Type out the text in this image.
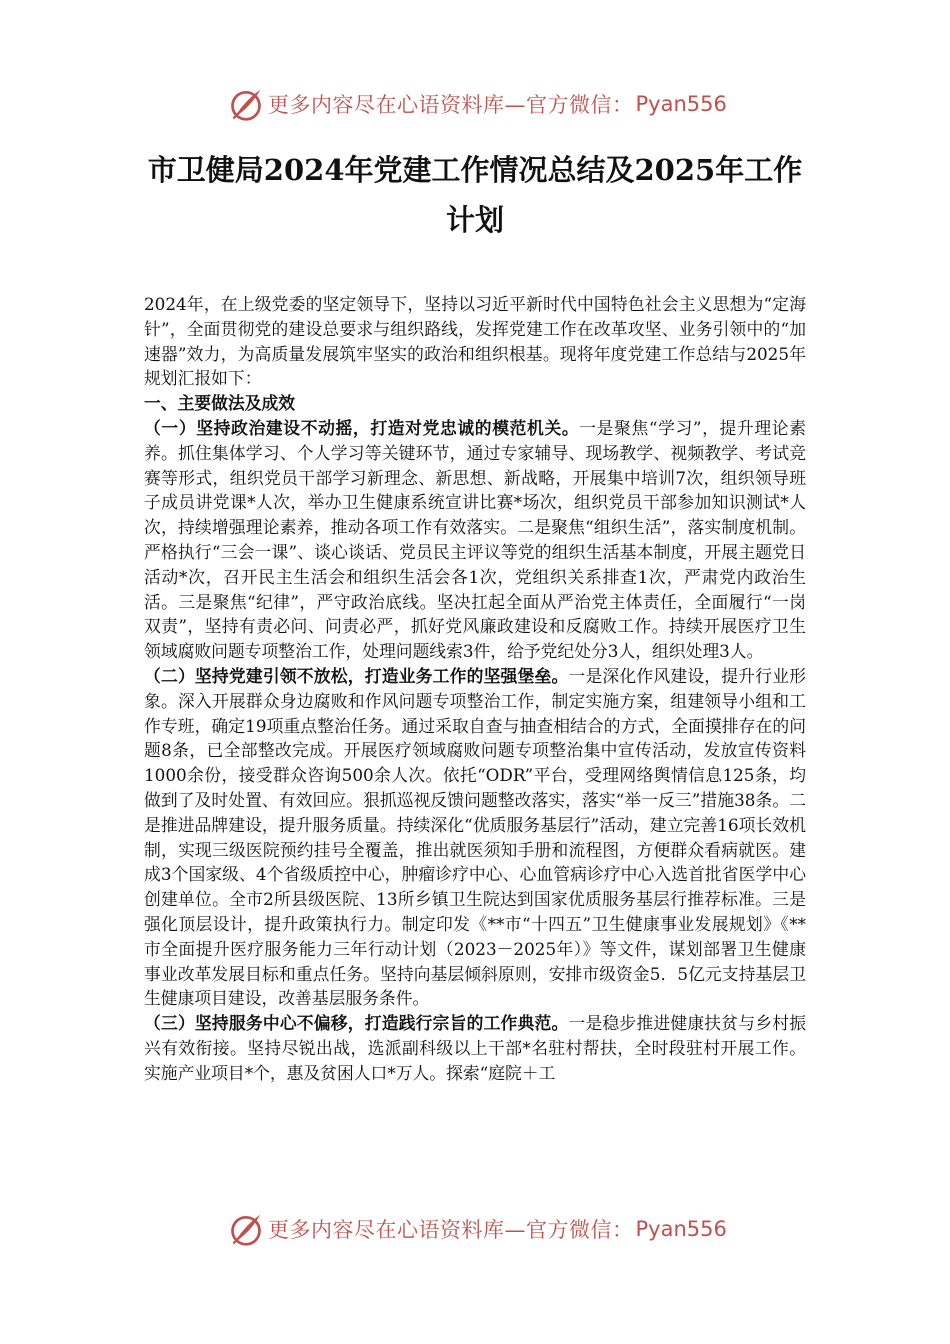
更多内容尽在心语资料库—官方微信： Pyan556
市卫健局2024年党建工作情况总结及2025年工作
计划

2024年，在上级党委的坚定领导下，坚持以习近平新时代中国特色社会主义思想为“定海针”，全面贯彻党的建设总要求与组织路线，发挥党建工作在改革攻坚、业务引领中的“加速器”效力，为高质量发展筑牢坚实的政治和组织根基。现将年度党建工作总结与2025年规划汇报如下：

一、主要做法及成效

（一）坚持政治建设不动摇，打造对党忠诚的模范机关。一是聚焦“学习”，提升理论素养。抓住集体学习、个人学习等关键环节，通过专家辅导、现场教学、视频教学、考试竞赛等形式，组织党员干部学习新理念、新思想、新战略，开展集中培训7次，组织领导班子成员讲党课*人次，举办卫生健康系统宣讲比赛*场次，组织党员干部参加知识测试*人次，持续增强理论素养，推动各项工作有效落实。二是聚焦“组织生活”，落实制度机制。严格执行“三会一课”、谈心谈话、党员民主评议等党的组织生活基本制度，开展主题党日活动*次，召开民主生活会和组织生活会各1次，党组织关系排查1次，严肃党内政治生活。三是聚焦“纪律”，严守政治底线。坚决扛起全面从严治党主体责任，全面履行“一岗双责”，坚持有责必问、问责必严，抓好党风廉政建设和反腐败工作。持续开展医疗卫生领域腐败问题专项整治工作，处理问题线索3件，给予党纪处分3人，组织处理3人。

（二）坚持党建引领不放松，打造业务工作的坚强堡垒。一是深化作风建设，提升行业形象。深入开展群众身边腐败和作风问题专项整治工作，制定实施方案，组建领导小组和工作专班，确定19项重点整治任务。通过采取自查与抽查相结合的方式，全面摸排存在的问题8条，已全部整改完成。开展医疗领域腐败问题专项整治集中宣传活动，发放宣传资料1000余份，接受群众咨询500余人次。依托“ODR”平台，受理网络舆情信息125条，均做到了及时处置、有效回应。狠抓巡视反馈问题整改落实，落实“举一反三”措施38条。二是推进品牌建设，提升服务质量。持续深化“优质服务基层行”活动，建立完善16项长效机制，实现三级医院预约挂号全覆盖，推出就医须知手册和流程图，方便群众看病就医。建成3个国家级、4个省级质控中心，肿瘤诊疗中心、心血管病诊疗中心入选首批省医学中心创建单位。全市2所县级医院、13所乡镇卫生院达到国家优质服务基层行推荐标准。三是强化顶层设计，提升政策执行力。制定印发《**市“十四五”卫生健康事业发展规划》《**市全面提升医疗服务能力三年行动计划（2023－2025年）》等文件，谋划部署卫生健康事业改革发展目标和重点任务。坚持向基层倾斜原则，安排市级资金5．5亿元支持基层卫生健康项目建设，改善基层服务条件。

（三）坚持服务中心不偏移，打造践行宗旨的工作典范。一是稳步推进健康扶贫与乡村振兴有效衔接。坚持尽锐出战，选派副科级以上干部*名驻村帮扶，全时段驻村开展工作。实施产业项目*个，惠及贫困人口*万人。探索“庭院＋工

更多内容尽在心语资料库—官方微信： Pyan556
